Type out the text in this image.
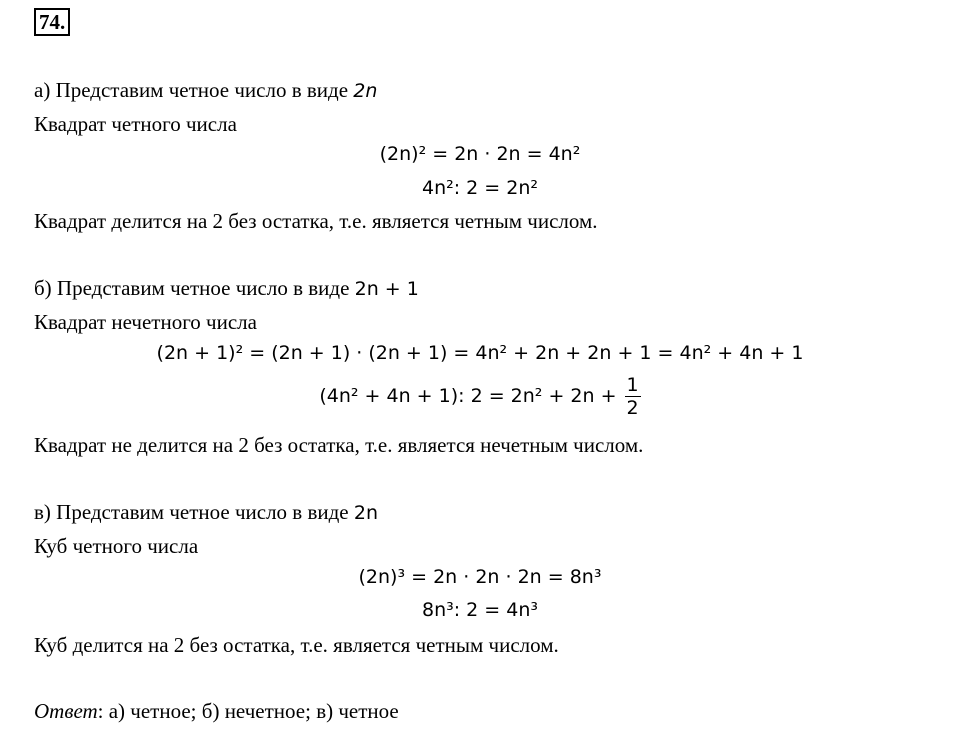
74.
а) Представим четное число в виде 2n
Квадрат четного числа
(2n)² = 2n · 2n = 4n²
4n²: 2 = 2n²
Квадрат делится на 2 без остатка, т.е. является четным числом.
б) Представим четное число в виде 2n + 1
Квадрат нечетного числа
(2n + 1)² = (2n + 1) · (2n + 1) = 4n² + 2n + 2n + 1 = 4n² + 4n + 1
(4n² + 4n + 1): $2 = 2n^2 + 2n + \frac{1}{2}$
Квадрат не делится на 2 без остатка, т.е. является нечетным числом.
в) Представим четное число в виде 2n
Куб четного числа
(2n)³ = 2n · 2n · 2n = 8n³
8n³: 2 = 4n³
Куб делится на 2 без остатка, т.е. является четным числом.
Ответ: а) четное; б) нечетное; в) четное
